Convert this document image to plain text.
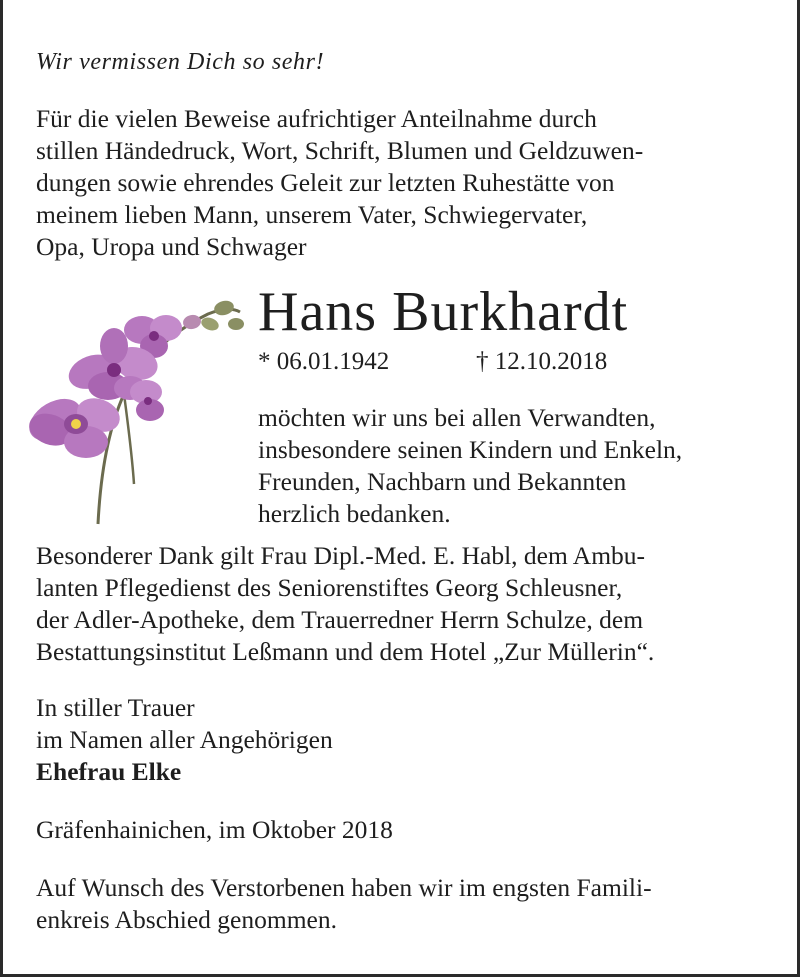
Wir vermissen Dich so sehr!
Für die vielen Beweise aufrichtiger Anteilnahme durch
stillen Händedruck, Wort, Schrift, Blumen und Geldzuwen-
dungen sowie ehrendes Geleit zur letzten Ruhestätte von
meinem lieben Mann, unserem Vater, Schwiegervater,
Opa, Uropa und Schwager
Hans Burkhardt
* 06.01.1942	† 12.10.2018
möchten wir uns bei allen Verwandten,
insbesondere seinen Kindern und Enkeln,
Freunden, Nachbarn und Bekannten
herzlich bedanken.
Besonderer Dank gilt Frau Dipl.-Med. E. Habl, dem Ambu-
lanten Pflegedienst des Seniorenstiftes Georg Schleusner,
der Adler-Apotheke, dem Trauerredner Herrn Schulze, dem
Bestattungsinstitut Leßmann und dem Hotel „Zur Müllerin“.
In stiller Trauer
im Namen aller Angehörigen
Ehefrau Elke
Gräfenhainichen, im Oktober 2018
Auf Wunsch des Verstorbenen haben wir im engsten Famili-
enkreis Abschied genommen.
